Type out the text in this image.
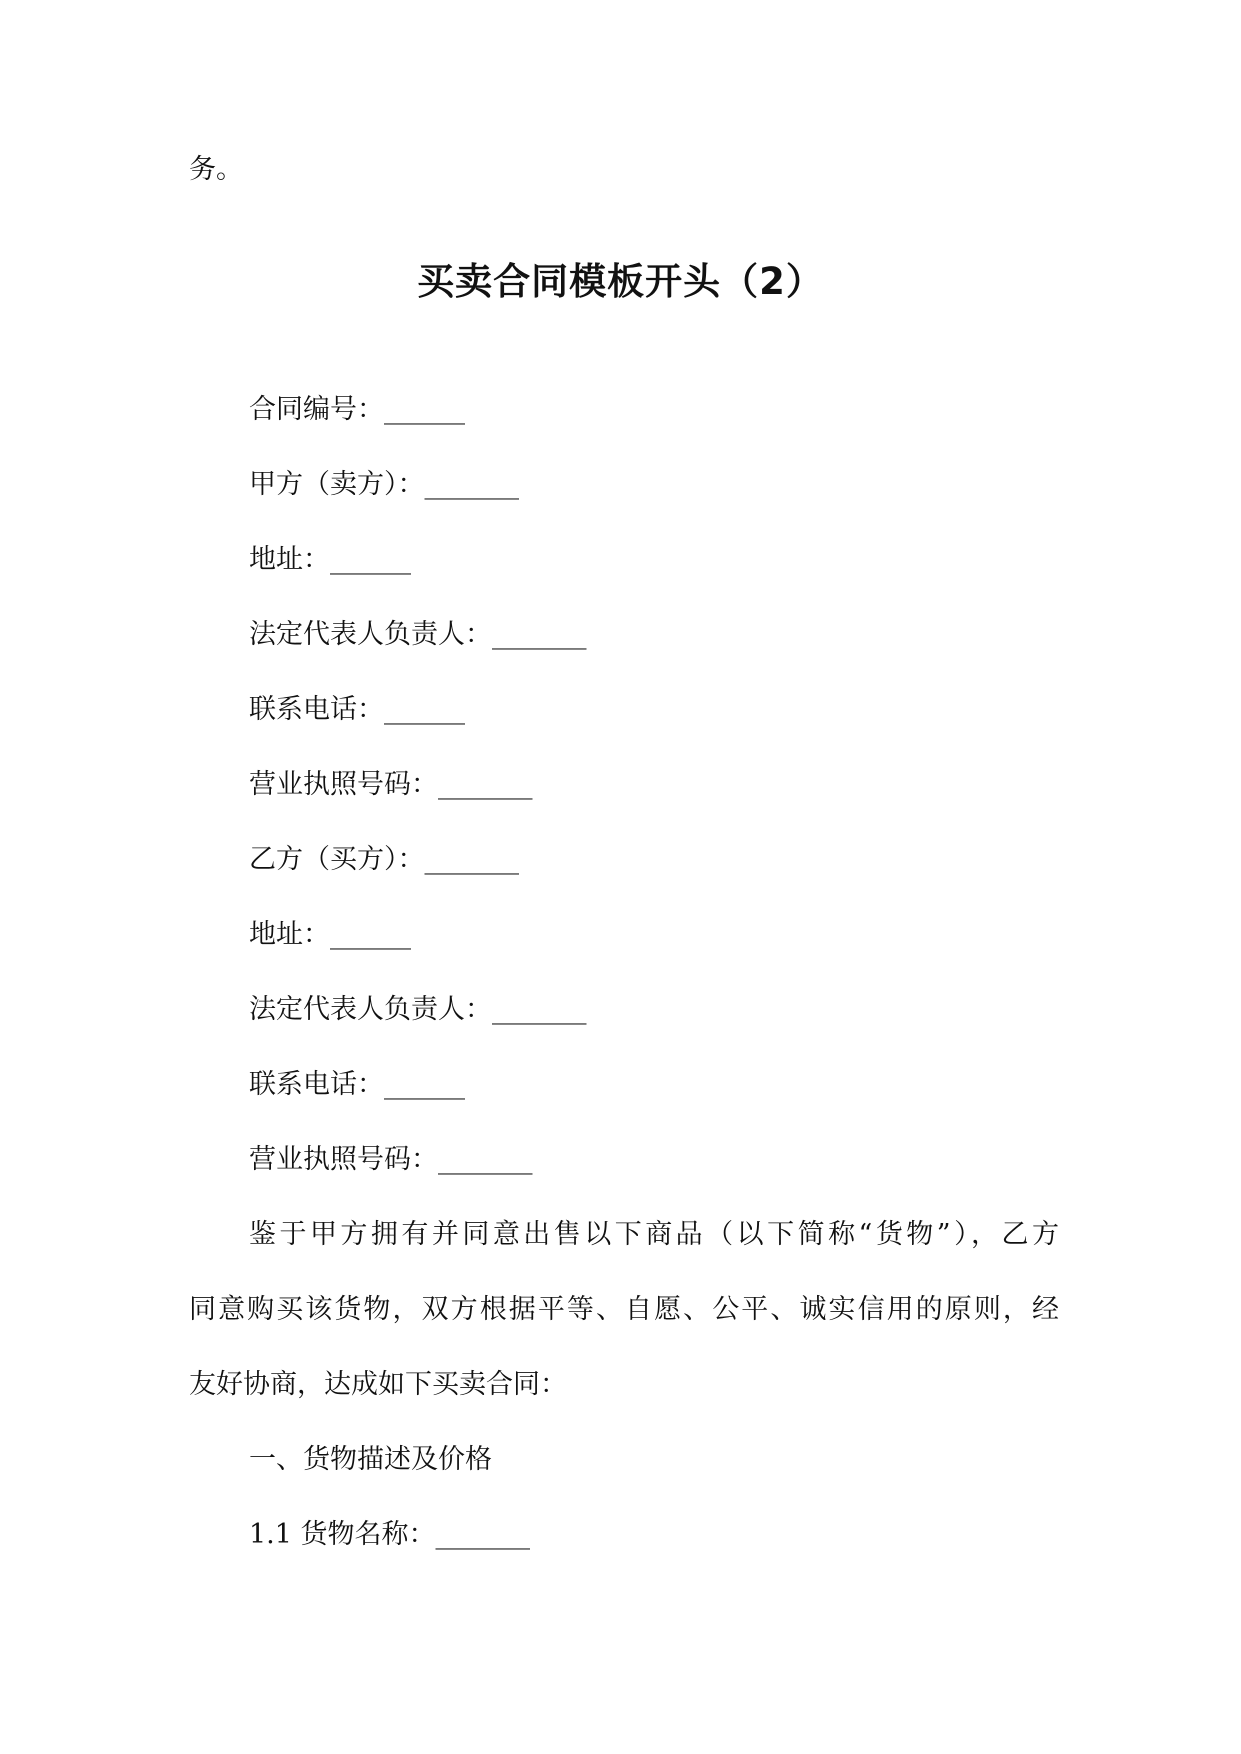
务。
买卖合同模板开头（2）
合同编号：______
甲方（卖方）：_______
地址：______
法定代表人负责人：_______
联系电话：______
营业执照号码：_______
乙方（买方）：_______
地址：______
法定代表人负责人：_______
联系电话：______
营业执照号码：_______
鉴于甲方拥有并同意出售以下商品（以下简称“货物”），乙方
同意购买该货物，双方根据平等、自愿、公平、诚实信用的原则，经
友好协商，达成如下买卖合同：
一、货物描述及价格
1.1 货物名称：_______
